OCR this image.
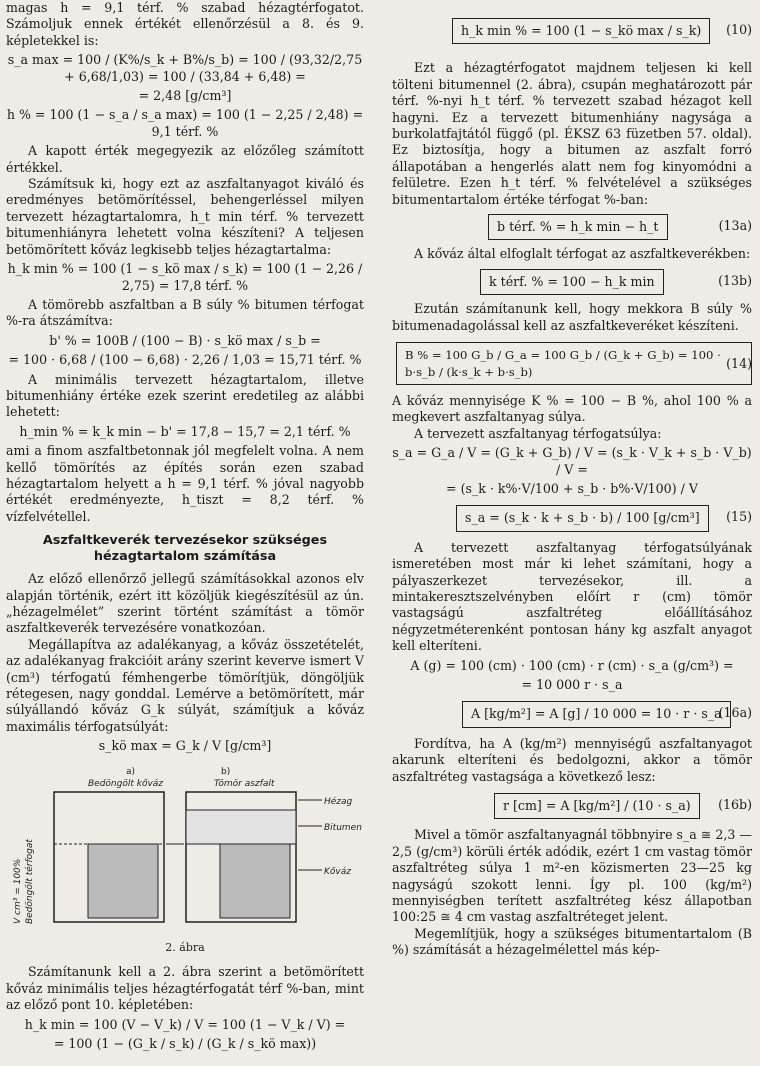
magas h = 9,1 térf. % szabad hézagtérfogatot. Számoljuk ennek értékét ellenőrzésül a 8. és 9. képletekkel is:

s_a max = 100 / (K%/s_k + B%/s_b) = 100 / (93,32/2,75 + 6,68/1,03) = 100 / (33,84 + 6,48) =

= 2,48 [g/cm³]

h % = 100 (1 − s_a / s_a max) = 100 (1 − 2,25 / 2,48) = 9,1 térf. %

A kapott érték megegyezik az előzőleg számított értékkel.

Számítsuk ki, hogy ezt az aszfaltanyagot kiváló és eredményes betömörítéssel, behengerléssel milyen tervezett hézagtartalomra, h_t min térf. % tervezett bitumenhiányra lehetett volna készíteni? A teljesen betömörített kőváz legkisebb teljes hézagtartalma:

h_k min % = 100 (1 − s_kö max / s_k) = 100 (1 − 2,26 / 2,75) = 17,8 térf. %

A tömörebb aszfaltban a B súly % bitumen térfogat %-ra átszámítva:

b' % = 100B / (100 − B) · s_kö max / s_b =

= 100 · 6,68 / (100 − 6,68) · 2,26 / 1,03 = 15,71 térf. %

A minimális tervezett hézagtartalom, illetve bitumenhiány értéke ezek szerint eredetileg az alábbi lehetett:

h_min % = k_k min − b' = 17,8 − 15,7 = 2,1 térf. %

ami a finom aszfaltbetonnak jól megfelelt volna. A nem kellő tömörítés az építés során ezen szabad hézagtartalom helyett a h = 9,1 térf. % jóval nagyobb értékét eredményezte, h_tiszt = 8,2 térf. % vízfelvétellel.

Aszfaltkeverék tervezésekor szükséges
hézagtartalom számítása

Az előző ellenőrző jellegű számításokkal azonos elv alapján történik, ezért itt közöljük kiegészítésül az ún. „hézagelmélet” szerint történt számítást a tömör aszfaltkeverék tervezésére vonatkozóan.

Megállapítva az adalékanyag, a kőváz összetételét, az adalékanyag frakcióit arány szerint keverve ismert V (cm³) térfogatú fémhengerbe tömörítjük, döngöljük rétegesen, nagy gonddal. Lemérve a betömörített, már súlyállandó kőváz G_k súlyát, számítjuk a kőváz maximális térfogatsúlyát:

s_kö max = G_k / V [g/cm³]

a)	b)
Bedöngölt kőváz	Tömör aszfalt
Hézag
Bitumen
Kőváz
V cm³ = 100% Bedöngölt térfogat
2. ábra

Számítanunk kell a 2. ábra szerint a betömörített kőváz minimális teljes hézagtérfogatát térf %-ban, mint az előző pont 10. képletében:

h_k min = 100 (V − V_k) / V = 100 (1 − V_k / V) =

= 100 (1 − (G_k / s_k) / (G_k / s_kö max))

h_k min % = 100 (1 − s_kö max / s_k) (10)

Ezt a hézagtérfogatot majdnem teljesen ki kell tölteni bitumennel (2. ábra), csupán meghatározott pár térf. %-nyi h_t térf. % tervezett szabad hézagot kell hagyni. Ez a tervezett bitumenhiány nagysága a burkolatfajtától függő (pl. ÉKSZ 63 füzetben 57. oldal). Ez biztosítja, hogy a bitumen az aszfalt forró állapotában a hengerlés alatt nem fog kinyomódni a felületre. Ezen h_t térf. % felvételével a szükséges bitumentartalom értéke térfogat %-ban:

b térf. % = h_k min − h_t	(13a)

A kőváz által elfoglalt térfogat az aszfaltkeverékben:

k térf. % = 100 − h_k min	(13b)

Ezután számítanunk kell, hogy mekkora B súly % bitumenadagolással kell az aszfaltkeveréket készíteni.

B % = 100 G_b / G_a = 100 G_b / (G_k + G_b) = 100 · b·s_b / (k·s_k + b·s_b)
(14)

A kőváz mennyisége K % = 100 − B %, ahol 100 % a megkevert aszfaltanyag súlya.

A tervezett aszfaltanyag térfogatsúlya:

s_a = G_a / V = (G_k + G_b) / V = (s_k · V_k + s_b · V_b) / V =

= (s_k · k%·V/100 + s_b · b%·V/100) / V

s_a = (s_k · k + s_b · b) / 100 [g/cm³] (15)

A tervezett aszfaltanyag térfogatsúlyának ismeretében most már ki lehet számítani, hogy a pályaszerkezet tervezésekor, ill. a mintakeresztszelvényben előírt r (cm) tömör vastagságú aszfaltréteg előállításához négyzetméterenként pontosan hány kg aszfalt anyagot kell elteríteni.

A (g) = 100 (cm) · 100 (cm) · r (cm) · s_a (g/cm³) =

= 10 000 r · s_a

A [kg/m²] = A [g] / 10 000 = 10 · r · s_a
(16a)

Fordítva, ha A (kg/m²) mennyiségű aszfaltanyagot akarunk elteríteni és bedolgozni, akkor a tömör aszfaltréteg vastagsága a következő lesz:

r [cm] = A [kg/m²] / (10 · s_a) (16b)

Mivel a tömör aszfaltanyagnál többnyire s_a ≅ 2,3 — 2,5 (g/cm³) körüli érték adódik, ezért 1 cm vastag tömör aszfaltréteg súlya 1 m²-en közismerten 23—25 kg nagyságú szokott lenni. Így pl. 100 (kg/m²) mennyiségben terített aszfaltréteg kész állapotban 100:25 ≅ 4 cm vastag aszfaltréteget jelent.

Megemlítjük, hogy a szükséges bitumentartalom (B %) számítását a hézagelmélettel más kép-
